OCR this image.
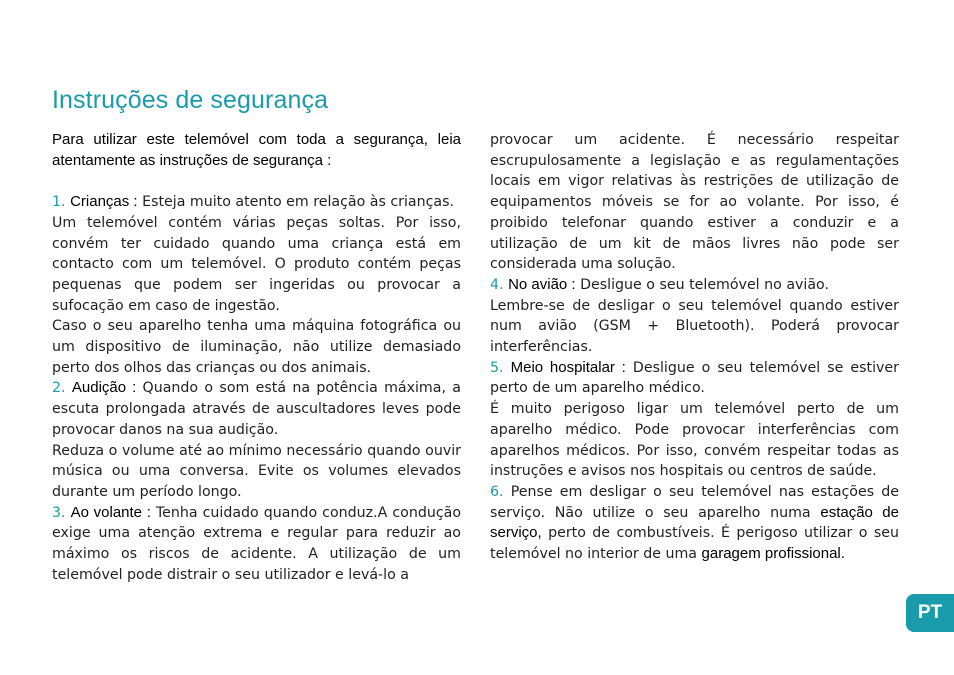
Instruções de segurança

Para utilizar este telemóvel com toda a segurança, leia atentamente as instruções de segurança :

1. Crianças : Esteja muito atento em relação às crianças.

Um telemóvel contém várias peças soltas. Por isso, convém ter cuidado quando uma criança está em contacto com um telemóvel. O produto contém peças pequenas que podem ser ingeridas ou provocar a sufocação em caso de ingestão.

Caso o seu aparelho tenha uma máquina fotográfica ou um dispositivo de iluminação, não utilize demasiado perto dos olhos das crianças ou dos animais.

2. Audição : Quando o som está na potência máxima, a escuta prolongada através de auscultadores leves pode provocar danos na sua audição.

Reduza o volume até ao mínimo necessário quando ouvir música ou uma conversa. Evite os volumes elevados durante um período longo.

3. Ao volante : Tenha cuidado quando conduz.A condução exige uma atenção extrema e regular para reduzir ao máximo os riscos de acidente. A utilização de um telemóvel pode distrair o seu utilizador e levá-lo a

provocar um acidente. É necessário respeitar escrupulosamente a legislação e as regulamentações locais em vigor relativas às restrições de utilização de equipamentos móveis se for ao volante. Por isso, é proibido telefonar quando estiver a conduzir e a utilização de um kit de mãos livres não pode ser considerada uma solução.

4. No avião : Desligue o seu telemóvel no avião.

Lembre-se de desligar o seu telemóvel quando estiver num avião (GSM + Bluetooth). Poderá provocar interferências.

5. Meio hospitalar : Desligue o seu telemóvel se estiver perto de um aparelho médico.

É muito perigoso ligar um telemóvel perto de um aparelho médico. Pode provocar interferências com aparelhos médicos. Por isso, convém respeitar todas as instruções e avisos nos hospitais ou centros de saúde.

6. Pense em desligar o seu telemóvel nas estações de serviço. Não utilize o seu aparelho numa estação de serviço, perto de combustíveis. É perigoso utilizar o seu telemóvel no interior de uma garagem profissional.

PT
